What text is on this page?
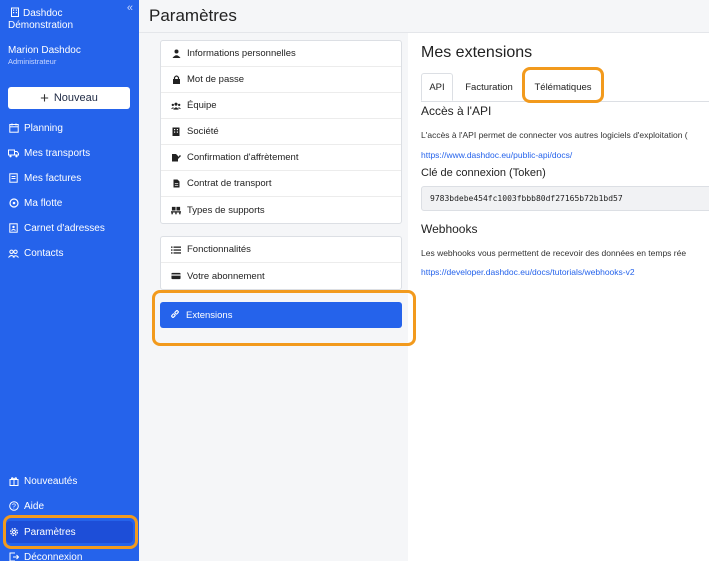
«
Dashdoc
Démonstration
Marion Dashdoc
Administrateur
+ Nouveau
Planning
Mes transports
Mes factures
Ma flotte
Carnet d'adresses
Contacts
Nouveautés
? Aide
Paramètres
Déconnexion
Paramètres
Informations personnelles
Mot de passe
Équipe
Société
Confirmation d'affrètement
Contrat de transport
Types de supports
Fonctionnalités
Votre abonnement
Extensions
Mes extensions
API Facturation Télématiques
Accès à l'API
L'accès à l'API permet de connecter vos autres logiciels d'exploitation (
https://www.dashdoc.eu/public-api/docs/
Clé de connexion (Token)
9783bdebe454fc1003fbbb80df27165b72b1bd57
Webhooks
Les webhooks vous permettent de recevoir des données en temps rée
https://developer.dashdoc.eu/docs/tutorials/webhooks-v2
